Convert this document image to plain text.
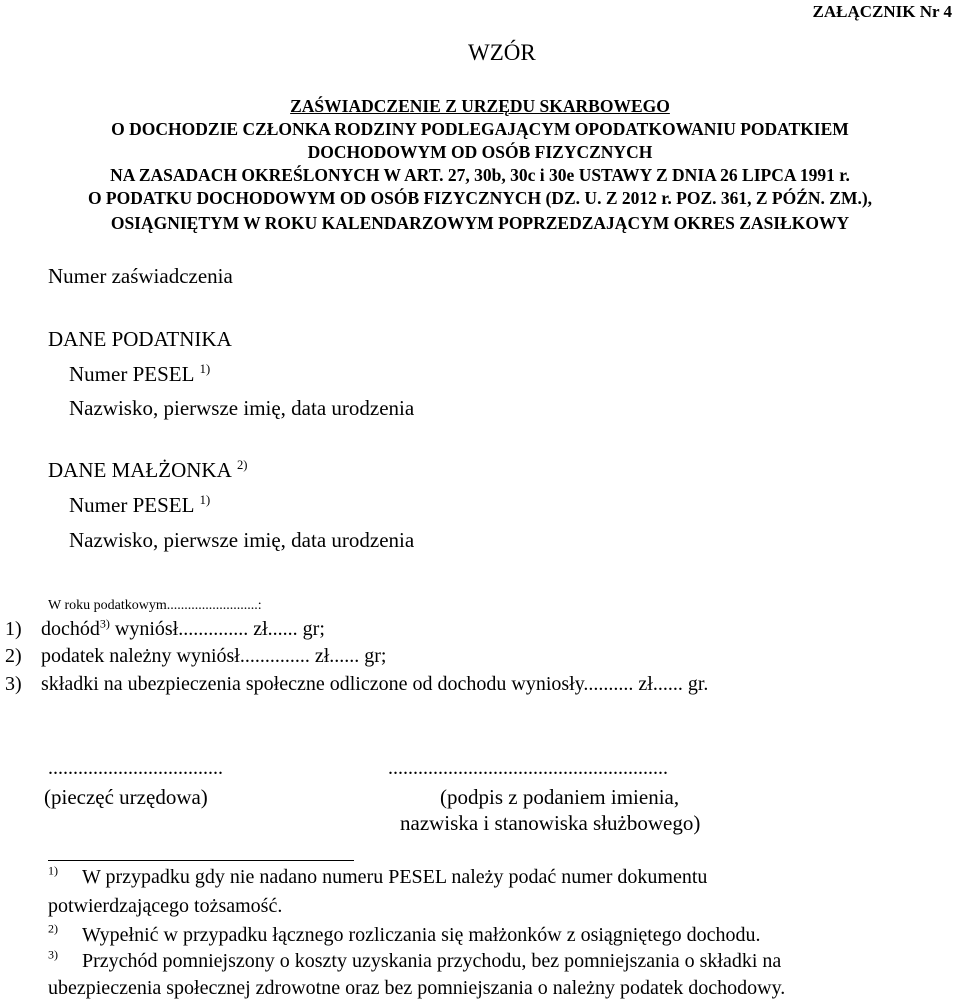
ZAŁĄCZNIK Nr 4
WZÓR
ZAŚWIADCZENIE Z URZĘDU SKARBOWEGO
O DOCHODZIE CZŁONKA RODZINY PODLEGAJĄCYM OPODATKOWANIU PODATKIEM
DOCHODOWYM OD OSÓB FIZYCZNYCH
NA ZASADACH OKREŚLONYCH W ART. 27, 30b, 30c i 30e USTAWY Z DNIA 26 LIPCA 1991 r.
O PODATKU DOCHODOWYM OD OSÓB FIZYCZNYCH (DZ. U. Z 2012 r. POZ. 361, Z PÓŹN. ZM.),
OSIĄGNIĘTYM W ROKU KALENDARZOWYM POPRZEDZAJĄCYM OKRES ZASIŁKOWY
Numer zaświadczenia
DANE PODATNIKA
Numer PESEL $^{1)}$
Nazwisko, pierwsze imię, data urodzenia
DANE MAŁŻONKA $^{2)}$
Numer PESEL $^{1)}$
Nazwisko, pierwsze imię, data urodzenia
W roku podatkowym..........................:
1) dochód$^{3)}$ wyniósł.............. zł...... gr;
2) podatek należny wyniósł.............. zł...... gr;
3) składki na ubezpieczenia społeczne odliczone od dochodu wyniosły.......... zł...... gr.
...................................
(pieczęć urzędowa)
........................................................
(podpis z podaniem imienia,
nazwiska i stanowiska służbowego)
$^{1)}$ W przypadku gdy nie nadano numeru PESEL należy podać numer dokumentu
potwierdzającego tożsamość.
$^{2)}$ Wypełnić w przypadku łącznego rozliczania się małżonków z osiągniętego dochodu.
$^{3)}$ Przychód pomniejszony o koszty uzyskania przychodu, bez pomniejszania o składki na
ubezpieczenia społecznej zdrowotne oraz bez pomniejszania o należny podatek dochodowy.
